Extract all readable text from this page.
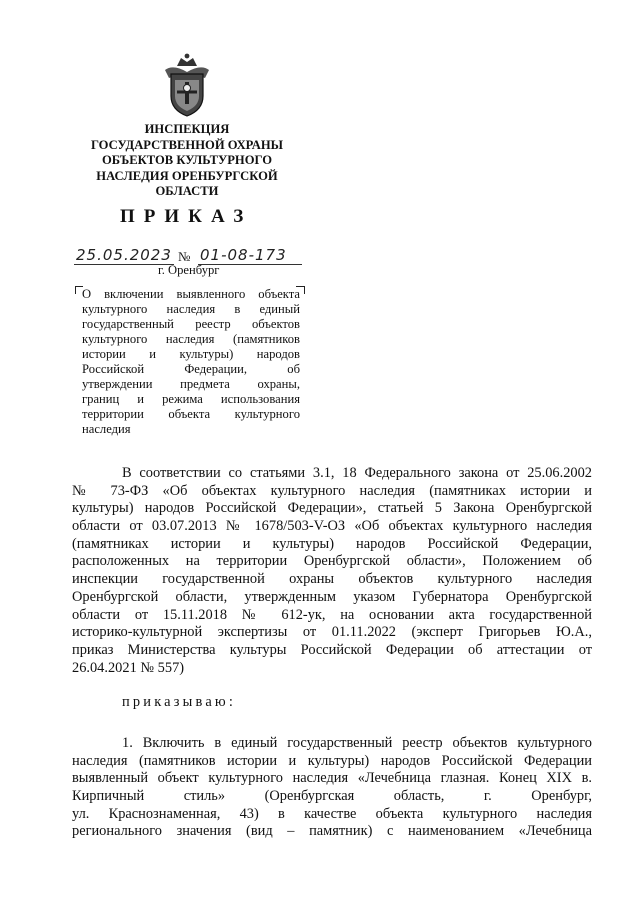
ИНСПЕКЦИЯ
ГОСУДАРСТВЕННОЙ ОХРАНЫ
ОБЪЕКТОВ КУЛЬТУРНОГО
НАСЛЕДИЯ ОРЕНБУРГСКОЙ
ОБЛАСТИ
ПРИКАЗ
25.05.2023 № 01-08-173
г. Оренбург
О включении выявленного объекта
культурного наследия в единый
государственный реестр объектов
культурного наследия (памятников
истории и культуры) народов
Российской Федерации, об
утверждении предмета охраны,
границ и режима использования
территории объекта культурного
наследия
В соответствии со статьями 3.1, 18 Федерального закона от 25.06.2002
№ 73-ФЗ «Об объектах культурного наследия (памятниках истории и
культуры) народов Российской Федерации», статьей 5 Закона Оренбургской
области от 03.07.2013 № 1678/503-V-ОЗ «Об объектах культурного наследия
(памятниках истории и культуры) народов Российской Федерации,
расположенных на территории Оренбургской области», Положением об
инспекции государственной охраны объектов культурного наследия
Оренбургской области, утвержденным указом Губернатора Оренбургской
области от 15.11.2018 № 612-ук, на основании акта государственной
историко-культурной экспертизы от 01.11.2022 (эксперт Григорьев Ю.А.,
приказ Министерства культуры Российской Федерации об аттестации от
26.04.2021 № 557)
приказываю:
1. Включить в единый государственный реестр объектов культурного
наследия (памятников истории и культуры) народов Российской Федерации
выявленный объект культурного наследия «Лечебница глазная. Конец XIX в.
Кирпичный стиль» (Оренбургская область, г. Оренбург,
ул. Краснознаменная, 43) в качестве объекта культурного наследия
регионального значения (вид – памятник) с наименованием «Лечебница
